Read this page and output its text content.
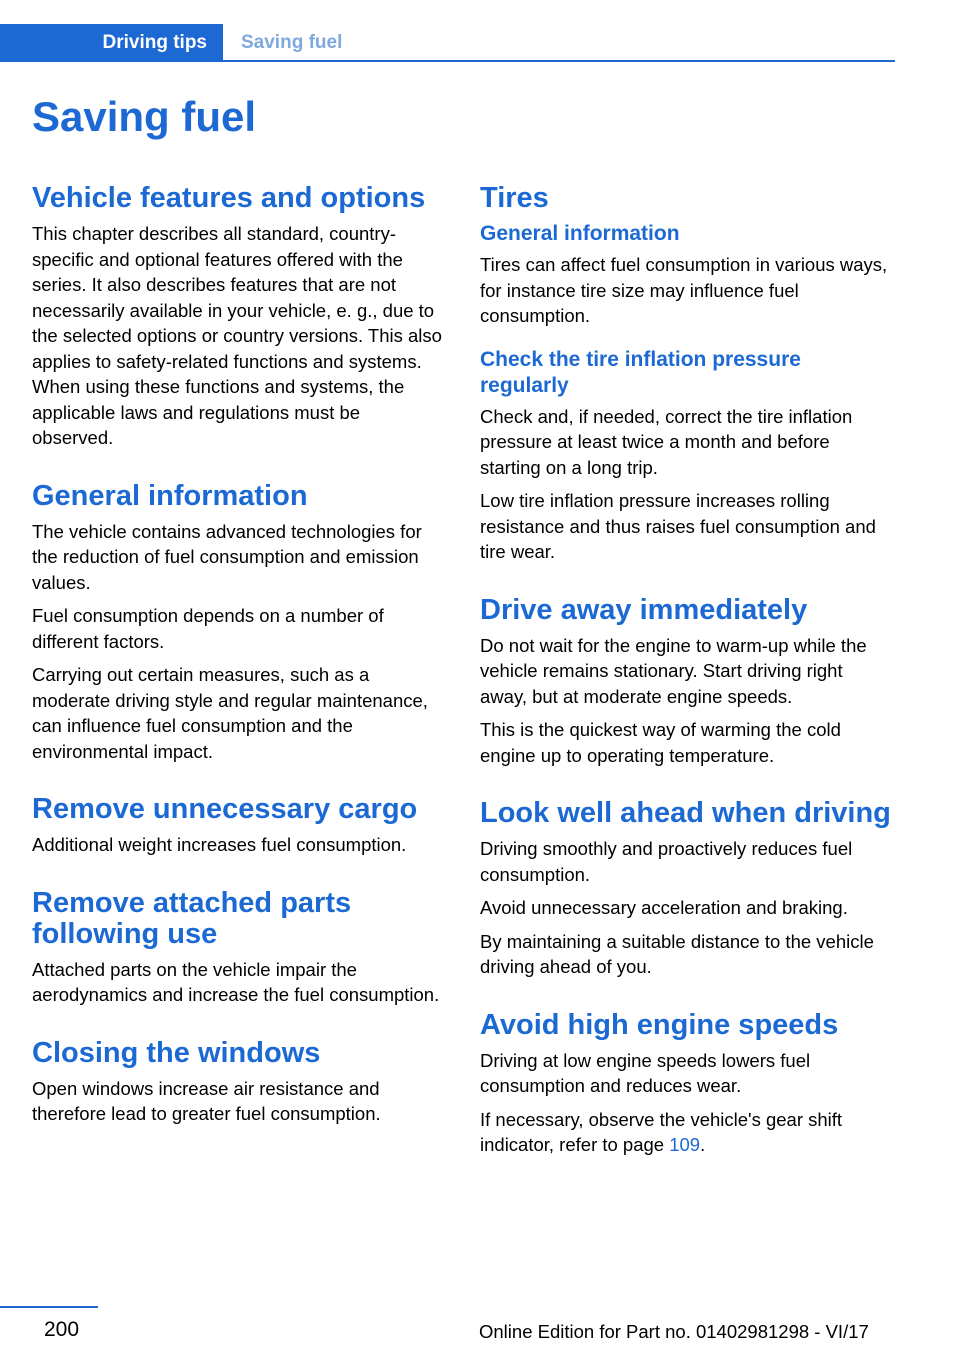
Driving tips	Saving fuel
Saving fuel
Vehicle features and options

This chapter describes all standard, country-specific and optional features offered with the series. It also describes features that are not necessarily available in your vehicle, e. g., due to the selected options or country versions. This also applies to safety-related functions and systems. When using these functions and systems, the applicable laws and regulations must be observed.

General information

The vehicle contains advanced technologies for the reduction of fuel consumption and emission values.

Fuel consumption depends on a number of different factors.

Carrying out certain measures, such as a moderate driving style and regular maintenance, can influence fuel consumption and the environmental impact.

Remove unnecessary cargo

Additional weight increases fuel consumption.

Remove attached parts following use

Attached parts on the vehicle impair the aerodynamics and increase the fuel consumption.

Closing the windows

Open windows increase air resistance and therefore lead to greater fuel consumption.

Tires
General information

Tires can affect fuel consumption in various ways, for instance tire size may influence fuel consumption.

Check the tire inflation pressure regularly

Check and, if needed, correct the tire inflation pressure at least twice a month and before starting on a long trip.

Low tire inflation pressure increases rolling resistance and thus raises fuel consumption and tire wear.

Drive away immediately

Do not wait for the engine to warm-up while the vehicle remains stationary. Start driving right away, but at moderate engine speeds.

This is the quickest way of warming the cold engine up to operating temperature.

Look well ahead when driving

Driving smoothly and proactively reduces fuel consumption.

Avoid unnecessary acceleration and braking.

By maintaining a suitable distance to the vehicle driving ahead of you.

Avoid high engine speeds

Driving at low engine speeds lowers fuel consumption and reduces wear.

If necessary, observe the vehicle's gear shift indicator, refer to page 109.

200	Online Edition for Part no. 01402981298 - VI/17
